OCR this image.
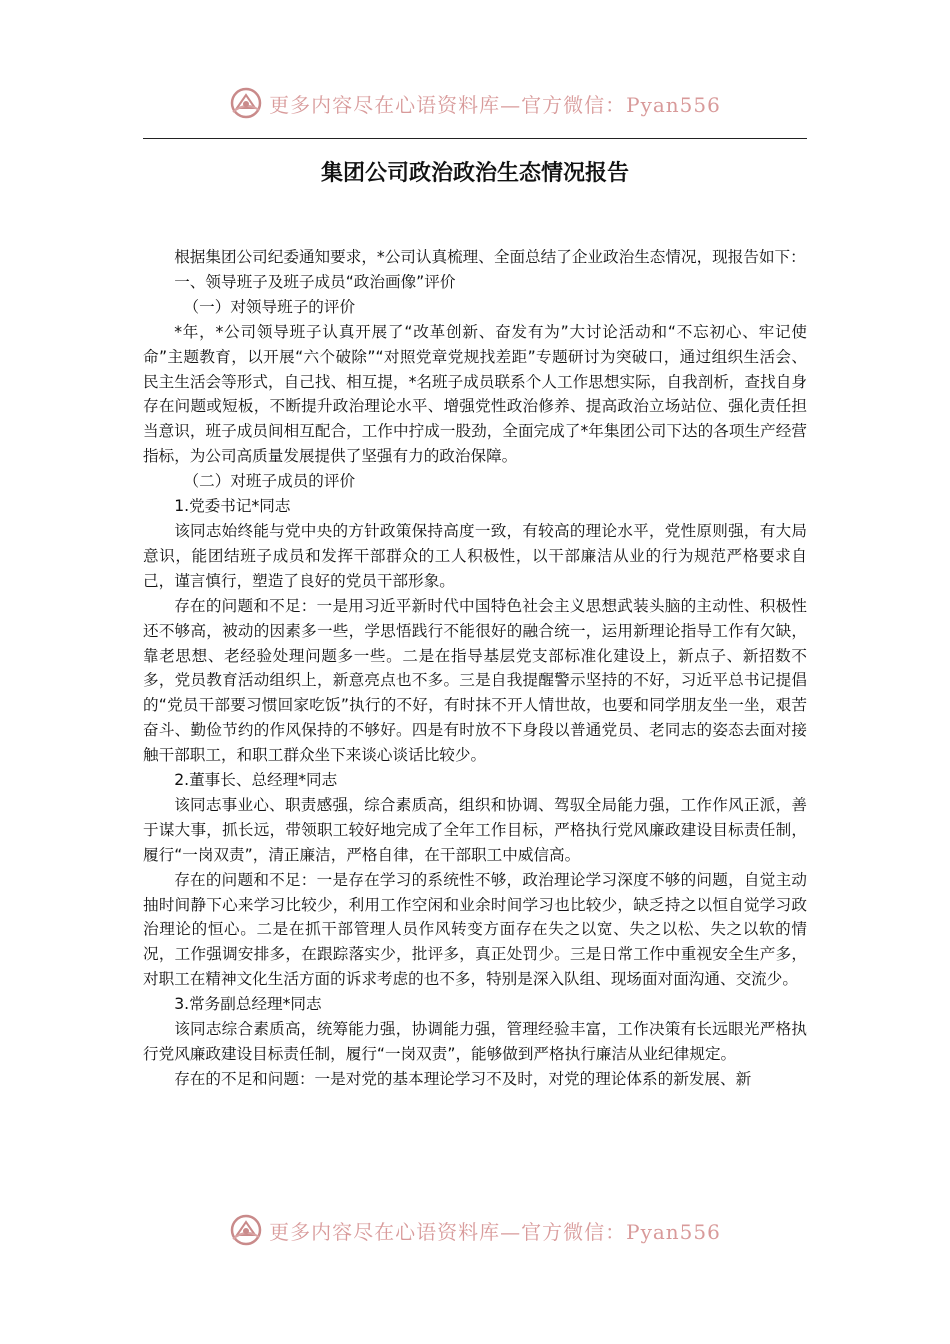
更多内容尽在心语资料库—官方微信：Pyan556
集团公司政治政治生态情况报告

根据集团公司纪委通知要求，*公司认真梳理、全面总结了企业政治生态情况，现报告如下：

一、领导班子及班子成员“政治画像”评价

（一）对领导班子的评价

*年，*公司领导班子认真开展了“改革创新、奋发有为”大讨论活动和“不忘初心、牢记使命”主题教育，以开展“六个破除”“对照党章党规找差距”专题研讨为突破口，通过组织生活会、民主生活会等形式，自己找、相互提，*名班子成员联系个人工作思想实际，自我剖析，查找自身存在问题或短板，不断提升政治理论水平、增强党性政治修养、提高政治立场站位、强化责任担当意识，班子成员间相互配合，工作中拧成一股劲，全面完成了*年集团公司下达的各项生产经营指标，为公司高质量发展提供了坚强有力的政治保障。

（二）对班子成员的评价

1.党委书记*同志

该同志始终能与党中央的方针政策保持高度一致，有较高的理论水平，党性原则强，有大局意识，能团结班子成员和发挥干部群众的工人积极性，以干部廉洁从业的行为规范严格要求自己，谨言慎行，塑造了良好的党员干部形象。

存在的问题和不足：一是用习近平新时代中国特色社会主义思想武装头脑的主动性、积极性还不够高，被动的因素多一些，学思悟践行不能很好的融合统一，运用新理论指导工作有欠缺，靠老思想、老经验处理问题多一些。二是在指导基层党支部标准化建设上，新点子、新招数不多，党员教育活动组织上，新意亮点也不多。三是自我提醒警示坚持的不好，习近平总书记提倡的“党员干部要习惯回家吃饭”执行的不好，有时抹不开人情世故，也要和同学朋友坐一坐，艰苦奋斗、勤俭节约的作风保持的不够好。四是有时放不下身段以普通党员、老同志的姿态去面对接触干部职工，和职工群众坐下来谈心谈话比较少。

2.董事长、总经理*同志

该同志事业心、职责感强，综合素质高，组织和协调、驾驭全局能力强，工作作风正派，善于谋大事，抓长远，带领职工较好地完成了全年工作目标，严格执行党风廉政建设目标责任制，履行“一岗双责”，清正廉洁，严格自律，在干部职工中威信高。

存在的问题和不足：一是存在学习的系统性不够，政治理论学习深度不够的问题，自觉主动抽时间静下心来学习比较少，利用工作空闲和业余时间学习也比较少，缺乏持之以恒自觉学习政治理论的恒心。二是在抓干部管理人员作风转变方面存在失之以宽、失之以松、失之以软的情况，工作强调安排多，在跟踪落实少，批评多，真正处罚少。三是日常工作中重视安全生产多，对职工在精神文化生活方面的诉求考虑的也不多，特别是深入队组、现场面对面沟通、交流少。

3.常务副总经理*同志

该同志综合素质高，统筹能力强，协调能力强，管理经验丰富，工作决策有长远眼光严格执行党风廉政建设目标责任制，履行“一岗双责”，能够做到严格执行廉洁从业纪律规定。

存在的不足和问题：一是对党的基本理论学习不及时，对党的理论体系的新发展、新

更多内容尽在心语资料库—官方微信：Pyan556
